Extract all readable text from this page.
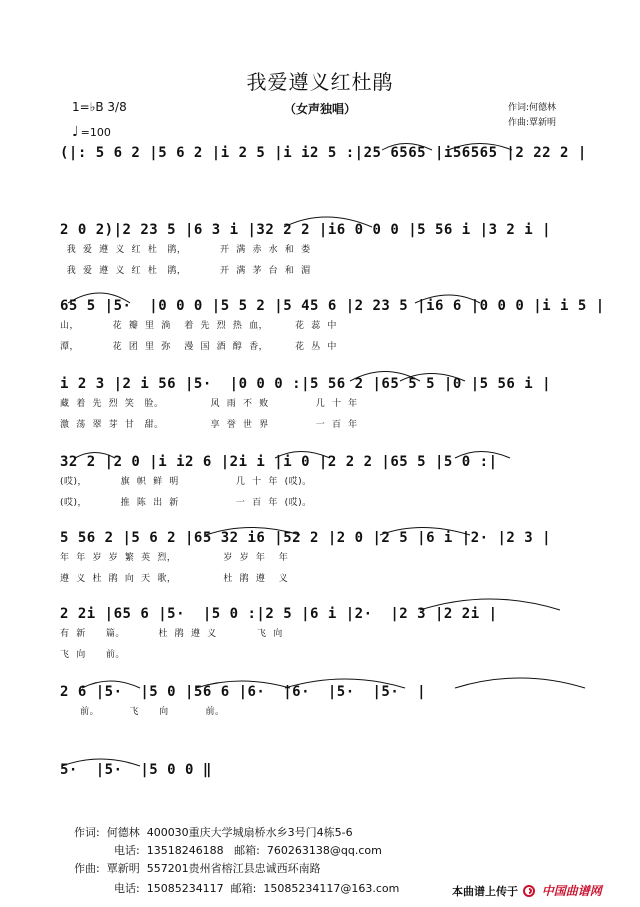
我爱遵义红杜鹃
（女声独唱）
1=♭B 3/8
♩ =100
作词:何德林
作曲:覃新明
(|: 5 6 2 |5 6 2 |i 2 5 |i i2 5 :|25 6565 |i56565 |2 22 2 |
2 0 2)|2 23 5 |6 3 i |32 2 2 |i6 0 0 0 |5 56 i |3 2 i |
我  爱  遵  义  红  杜   鹃，          开  满  赤  水  和  娄
我  爱  遵  义  红  杜   鹃，          开  满  茅  台  和  湄
65 5 |5·  |0 0 0 |5 5 2 |5 45 6 |2 23 5 |i6 6 |0 0 0 |i i 5 |
山，          花  瓣  里  淌    着  先  烈  热  血，        花  蕊  中
潭，          花  团  里  弥    漫  国  酒  醇  香，        花  丛  中
i 2 3 |2 i 56 |5·  |0 0 0 :|5 56 2 |65 5 5 |0 |5 56 i |
藏  着  先  烈  笑   脸。              风  雨  不  败              几  十  年
激  荡  翠  芽  甘   甜。              享  誉  世  界              一  百  年
32 2 |2 0 |i i2 6 |2i i |i 0 |2 2 2 |65 5 |5 0 :|
(哎)，          旗  帜  鲜  明                 几  十  年  (哎)。
(哎)，          推  陈  出  新                 一  百  年  (哎)。
5 56 2 |5 6 2 |65 32 i6 |52 2 |2 0 |2 5 |6 i |2· |2 3 |
年  年  岁  岁  繁  英  烈，              岁  岁  年    年
遵  义  杜  鹃  向  天  歌，              杜  鹃  遵    义
2 2i |65 6 |5·  |5 0 :|2 5 |6 i |2·  |2 3 |2 2i |
有  新      篇。          杜  鹃  遵  义            飞  向
飞  向      前。
2 6 |5·  |5 0 |56 6 |6·  |6·  |5·  |5·  |
前。         飞      向           前。
5·  |5·  |5 0 0 ‖
作词:  何德林  400030重庆大学城扇桥水乡3号门4栋5-6
电话:  13518246188   邮箱:  760263138@qq.com
作曲:  覃新明  557201贵州省榕江县忠诚西环南路
电话:  15085234117  邮箱:  15085234117@163.com	本曲谱上传于 中国曲谱网
